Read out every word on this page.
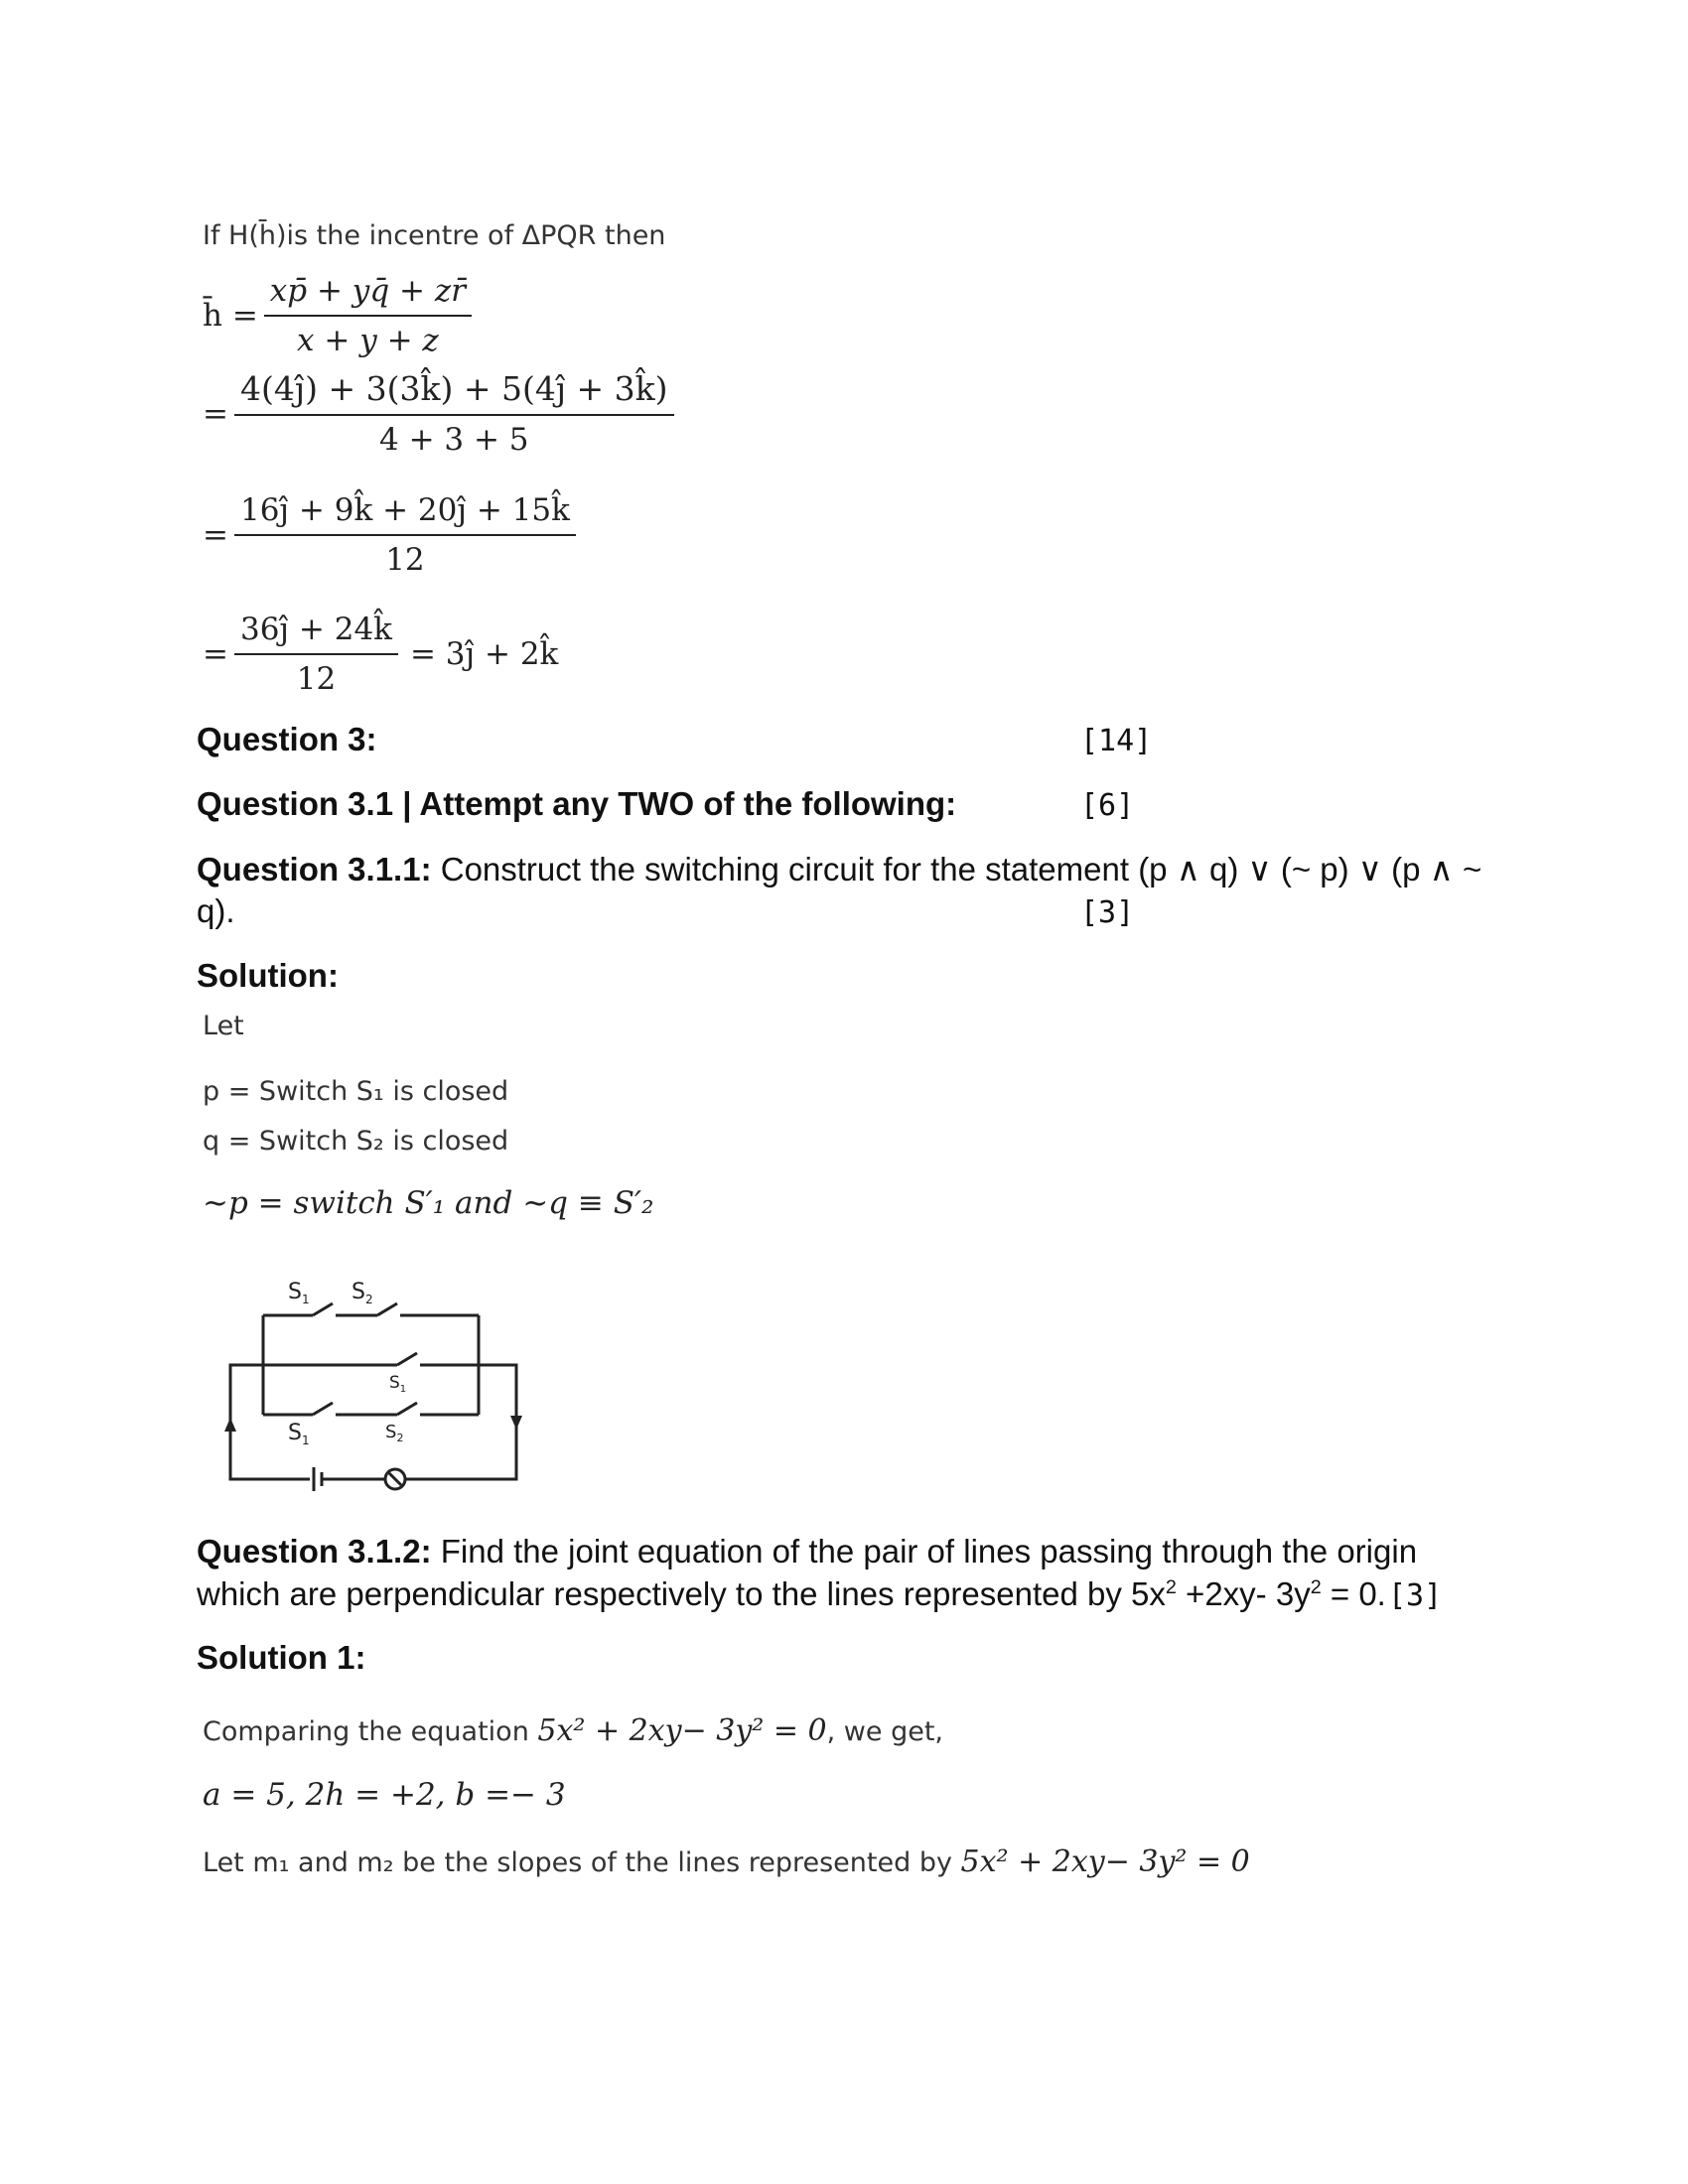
If H(h̄)is the incentre of ΔPQR then
h̄ = $\frac{xp̄ + yq̄ + zr̄}{x + y + z}$
= $\frac{4(4ĵ) + 3(3k̂) + 5(4ĵ + 3k̂)}{4 + 3 + 5}$
= $\frac{16ĵ + 9k̂ + 20ĵ + 15k̂}{12}$
= $\frac{36ĵ + 24k̂}{12}$ = 3ĵ + 2k̂
Question 3:	[14]
Question 3.1 | Attempt any TWO of the following:	[6]
Question 3.1.1: Construct the switching circuit for the statement (p ∧ q) ∨ (~ p) ∨ (p ∧ ~
q).	[3]
Solution:
Let
p = Switch S₁ is closed
q = Switch S₂ is closed
~p = switch S′₁ and ~q ≡ S′₂
$S_1$ $S_2$
$S_1$
$S_1$	$S_2$
Question 3.1.2: Find the joint equation of the pair of lines passing through the origin
which are perpendicular respectively to the lines represented by $5x^2 +2xy-$ $3y^2 = 0$. [3]
Solution 1:
Comparing the equation 5x² + 2xy− 3y² = 0, we get,
a = 5, 2h = +2, b =− 3
Let m₁ and m₂ be the slopes of the lines represented by 5x² + 2xy− 3y² = 0
